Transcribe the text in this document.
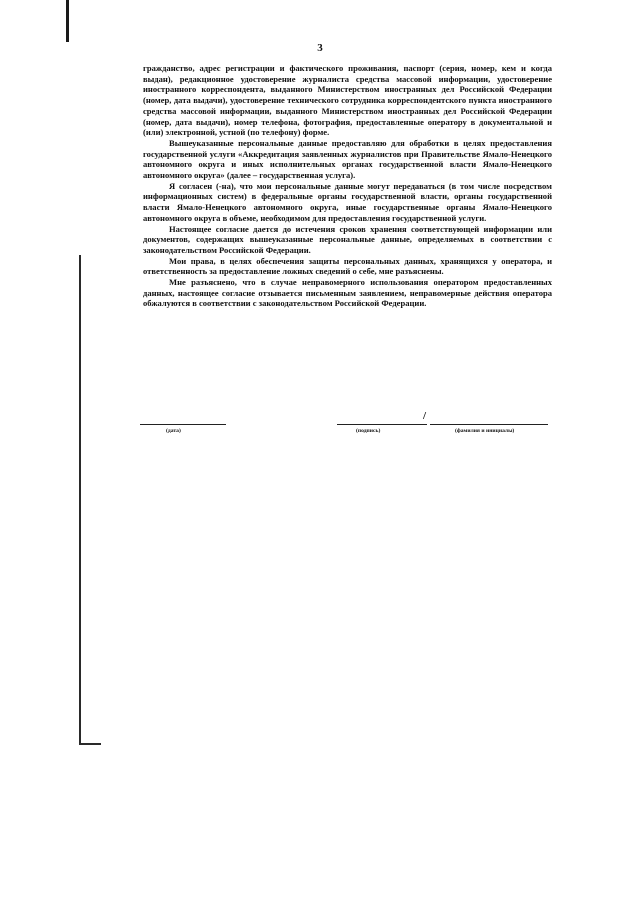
3

гражданство, адрес регистрации и фактического проживания, паспорт (серия, номер, кем и когда выдан), редакционное удостоверение журналиста средства массовой информации, удостоверение иностранного корреспондента, выданного Министерством иностранных дел Российской Федерации (номер, дата выдачи), удостоверение технического сотрудника корреспондентского пункта иностранного средства массовой информации, выданного Министерством иностранных дел Российской Федерации (номер, дата выдачи), номер телефона, фотография, предоставленные оператору в документальной и (или) электронной, устной (по телефону) форме.

Вышеуказанные персональные данные предоставляю для обработки в целях предоставления государственной услуги «Аккредитация заявленных журналистов при Правительстве Ямало-Ненецкого автономного округа и иных исполнительных органах государственной власти Ямало-Ненецкого автономного округа» (далее – государственная услуга).

Я согласен (-на), что мои персональные данные могут передаваться (в том числе посредством информационных систем) в федеральные органы государственной власти, органы государственной власти Ямало-Ненецкого автономного округа, иные государственные органы Ямало-Ненецкого автономного округа в объеме, необходимом для предоставления государственной услуги.

Настоящее согласие дается до истечения сроков хранения соответствующей информации или документов, содержащих вышеуказанные персональные данные, определяемых в соответствии с законодательством Российской Федерации.

Мои права, в целях обеспечения защиты персональных данных, хранящихся у оператора, и ответственность за предоставление ложных сведений о себе, мне разъяснены.

Мне разъяснено, что в случае неправомерного использования оператором предоставленных данных, настоящее согласие отзывается письменным заявлением, неправомерные действия оператора обжалуются в соответствии с законодательством Российской Федерации.

(дата)
/
(подпись)	(фамилия и инициалы)
